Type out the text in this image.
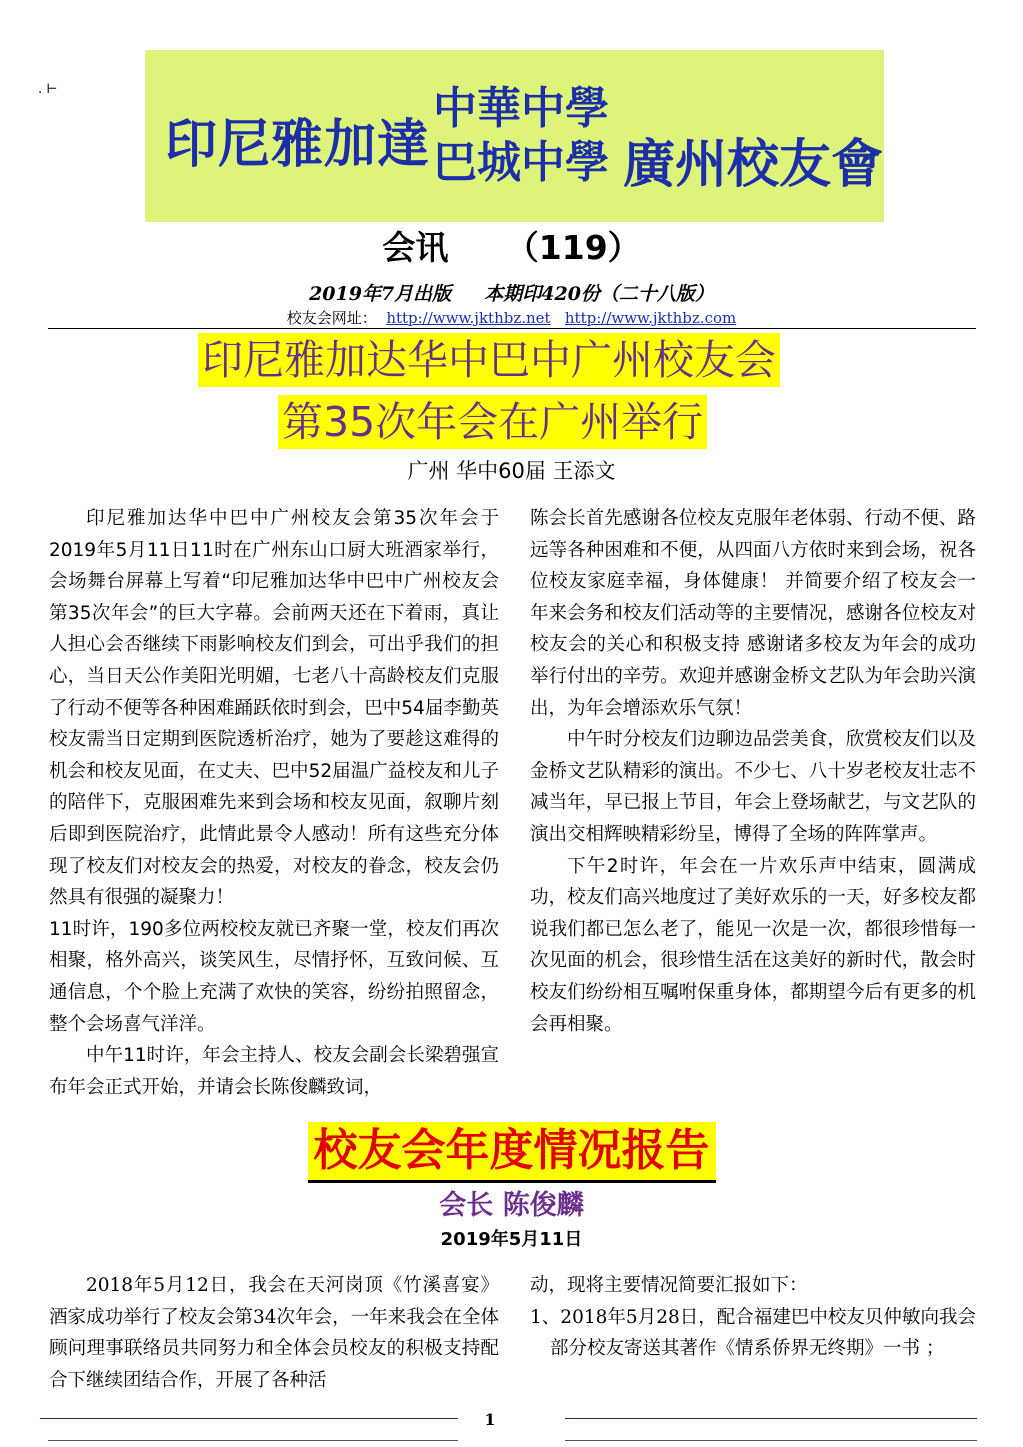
. ⊢
印尼雅加達
中華中學
巴城中學 廣州校友會
会讯     （119）
2019年7月出版     本期印420份（二十八版）
校友会网址： http://www.jkthbz.net http://www.jkthbz.com
印尼雅加达华中巴中广州校友会
第35次年会在广州举行
广州 华中60届 王添文

印尼雅加达华中巴中广州校友会第35次年会于2019年5月11日11时在广州东山口厨大班酒家举行，会场舞台屏幕上写着“印尼雅加达华中巴中广州校友会第35次年会”的巨大字幕。会前两天还在下着雨，真让人担心会否继续下雨影响校友们到会，可出乎我们的担心，当日天公作美阳光明媚，七老八十高龄校友们克服了行动不便等各种困难踊跃依时到会，巴中54届李勤英校友需当日定期到医院透析治疗，她为了要趁这难得的机会和校友见面，在丈夫、巴中52届温广益校友和儿子的陪伴下，克服困难先来到会场和校友见面，叙聊片刻后即到医院治疗，此情此景令人感动！所有这些充分体现了校友们对校友会的热爱，对校友的眷念，校友会仍然具有很强的凝聚力！

11时许，190多位两校校友就已齐聚一堂，校友们再次相聚，格外高兴，谈笑风生，尽情抒怀，互致问候、互通信息，个个脸上充满了欢快的笑容，纷纷拍照留念，整个会场喜气洋洋。

中午11时许，年会主持人、校友会副会长梁碧强宣布年会正式开始，并请会长陈俊麟致词，

陈会长首先感谢各位校友克服年老体弱、行动不便、路远等各种困难和不便，从四面八方依时来到会场，祝各位校友家庭幸福，身体健康！ 并简要介绍了校友会一年来会务和校友们活动等的主要情况，感谢各位校友对校友会的关心和积极支持 感谢诸多校友为年会的成功举行付出的辛劳。欢迎并感谢金桥文艺队为年会助兴演出，为年会增添欢乐气氛！

中午时分校友们边聊边品尝美食，欣赏校友们以及金桥文艺队精彩的演出。不少七、八十岁老校友壮志不减当年，早已报上节目，年会上登场献艺，与文艺队的演出交相辉映精彩纷呈，博得了全场的阵阵掌声。

下午2时许，年会在一片欢乐声中结束，圆满成功，校友们高兴地度过了美好欢乐的一天，好多校友都说我们都已怎么老了，能见一次是一次，都很珍惜每一次见面的机会，很珍惜生活在这美好的新时代，散会时校友们纷纷相互嘱咐保重身体，都期望今后有更多的机会再相聚。

校友会年度情况报告
会长 陈俊麟
2019年5月11日

2018年5月12日，我会在天河岗顶《竹溪喜宴》酒家成功举行了校友会第34次年会，一年来我会在全体顾问理事联络员共同努力和全体会员校友的积极支持配合下继续团结合作，开展了各种活

动，现将主要情况简要汇报如下：

1、2018年5月28日，配合福建巴中校友贝仲敏向我会部分校友寄送其著作《情系侨界无终期》一书 ；

1
